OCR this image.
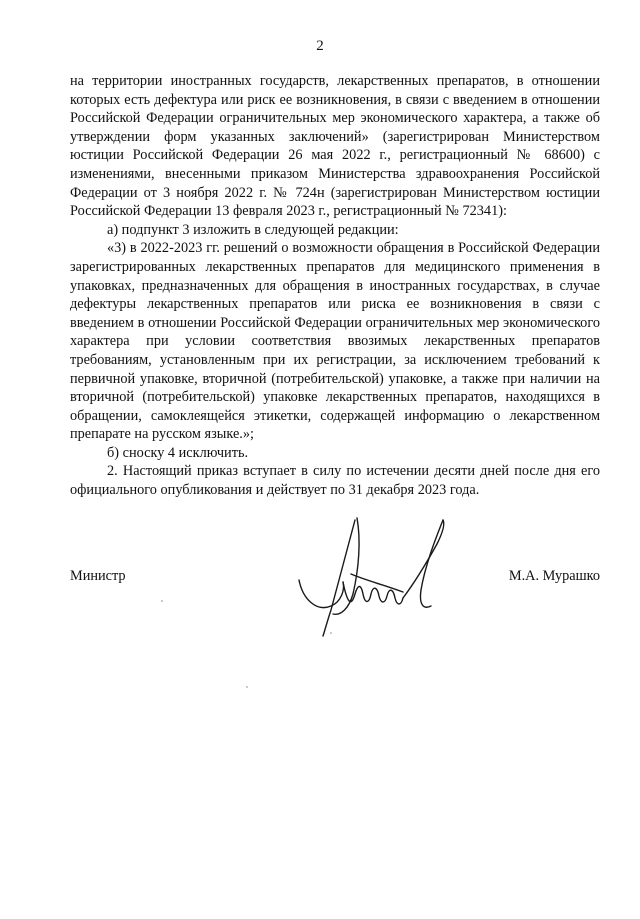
2

на территории иностранных государств, лекарственных препаратов, в отношении которых есть дефектура или риск ее возникновения, в связи с введением в отношении Российской Федерации ограничительных мер экономического характера, а также об утверждении форм указанных заключений» (зарегистрирован Министерством юстиции Российской Федерации 26 мая 2022 г., регистрационный № 68600) с изменениями, внесенными приказом Министерства здравоохранения Российской Федерации от 3 ноября 2022 г. № 724н (зарегистрирован Министерством юстиции Российской Федерации 13 февраля 2023 г., регистрационный № 72341):

а) подпункт 3 изложить в следующей редакции:

«3) в 2022-2023 гг. решений о возможности обращения в Российской Федерации зарегистрированных лекарственных препаратов для медицинского применения в упаковках, предназначенных для обращения в иностранных государствах, в случае дефектуры лекарственных препаратов или риска ее возникновения в связи с введением в отношении Российской Федерации ограничительных мер экономического характера при условии соответствия ввозимых лекарственных препаратов требованиям, установленным при их регистрации, за исключением требований к первичной упаковке, вторичной (потребительской) упаковке, а также при наличии на вторичной (потребительской) упаковке лекарственных препаратов, находящихся в обращении, самоклеящейся этикетки, содержащей информацию о лекарственном препарате на русском языке.»;

б) сноску 4 исключить.

2. Настоящий приказ вступает в силу по истечении десяти дней после дня его официального опубликования и действует по 31 декабря 2023 года.

Министр	М.А. Мурашко
